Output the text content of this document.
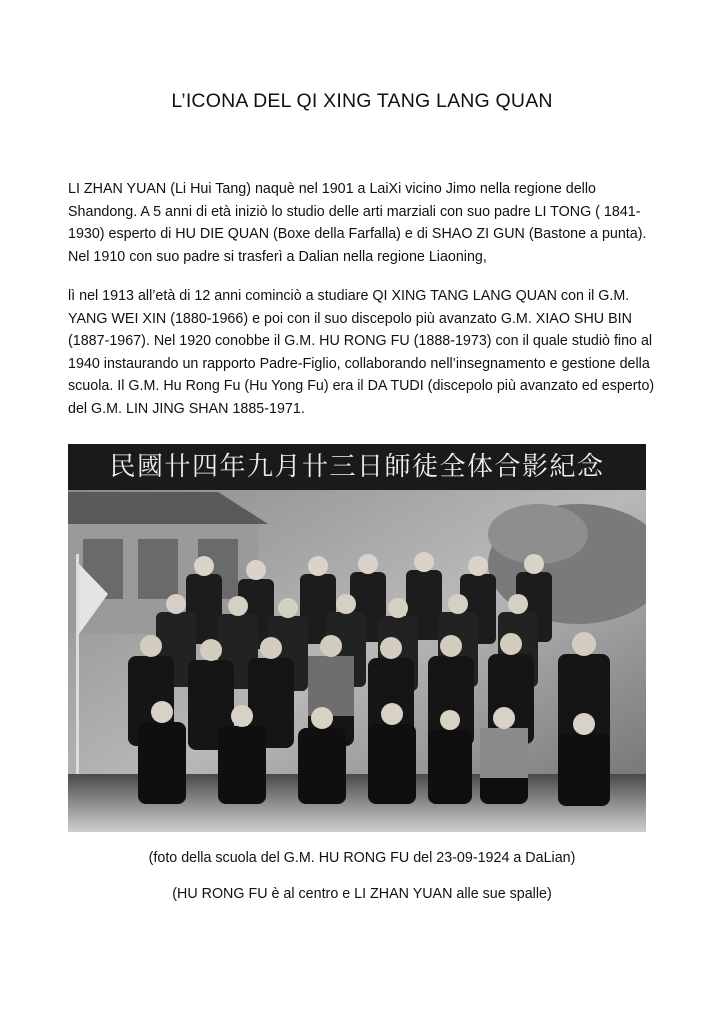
L’ICONA DEL QI XING TANG LANG QUAN

LI ZHAN YUAN (Li Hui Tang) naquè nel 1901 a LaiXi vicino Jimo nella regione dello Shandong. A 5 anni di età iniziò lo studio delle arti marziali con suo padre LI TONG ( 1841-1930) esperto di HU DIE QUAN (Boxe della Farfalla) e di SHAO ZI GUN (Bastone a punta). Nel 1910 con suo padre si trasferì a Dalian nella regione Liaoning,

lì nel 1913 all’età di 12 anni cominciò a studiare QI XING TANG LANG QUAN con il G.M. YANG WEI XIN (1880-1966) e poi con il suo discepolo più avanzato G.M. XIAO SHU BIN (1887-1967). Nel 1920 conobbe il G.M. HU RONG FU (1888-1973) con il quale studiò fino al 1940 instaurando un rapporto Padre-Figlio, collaborando nell’insegnamento e gestione della scuola. Il G.M. Hu Rong Fu (Hu Yong Fu) era il DA TUDI (discepolo più avanzato ed esperto) del G.M. LIN JING SHAN 1885-1971.

民國卄四年九月卄三日師徒全体合影紀念

(foto della scuola del G.M. HU RONG FU del 23-09-1924 a DaLian)

(HU RONG FU è al centro e LI ZHAN YUAN alle sue spalle)
